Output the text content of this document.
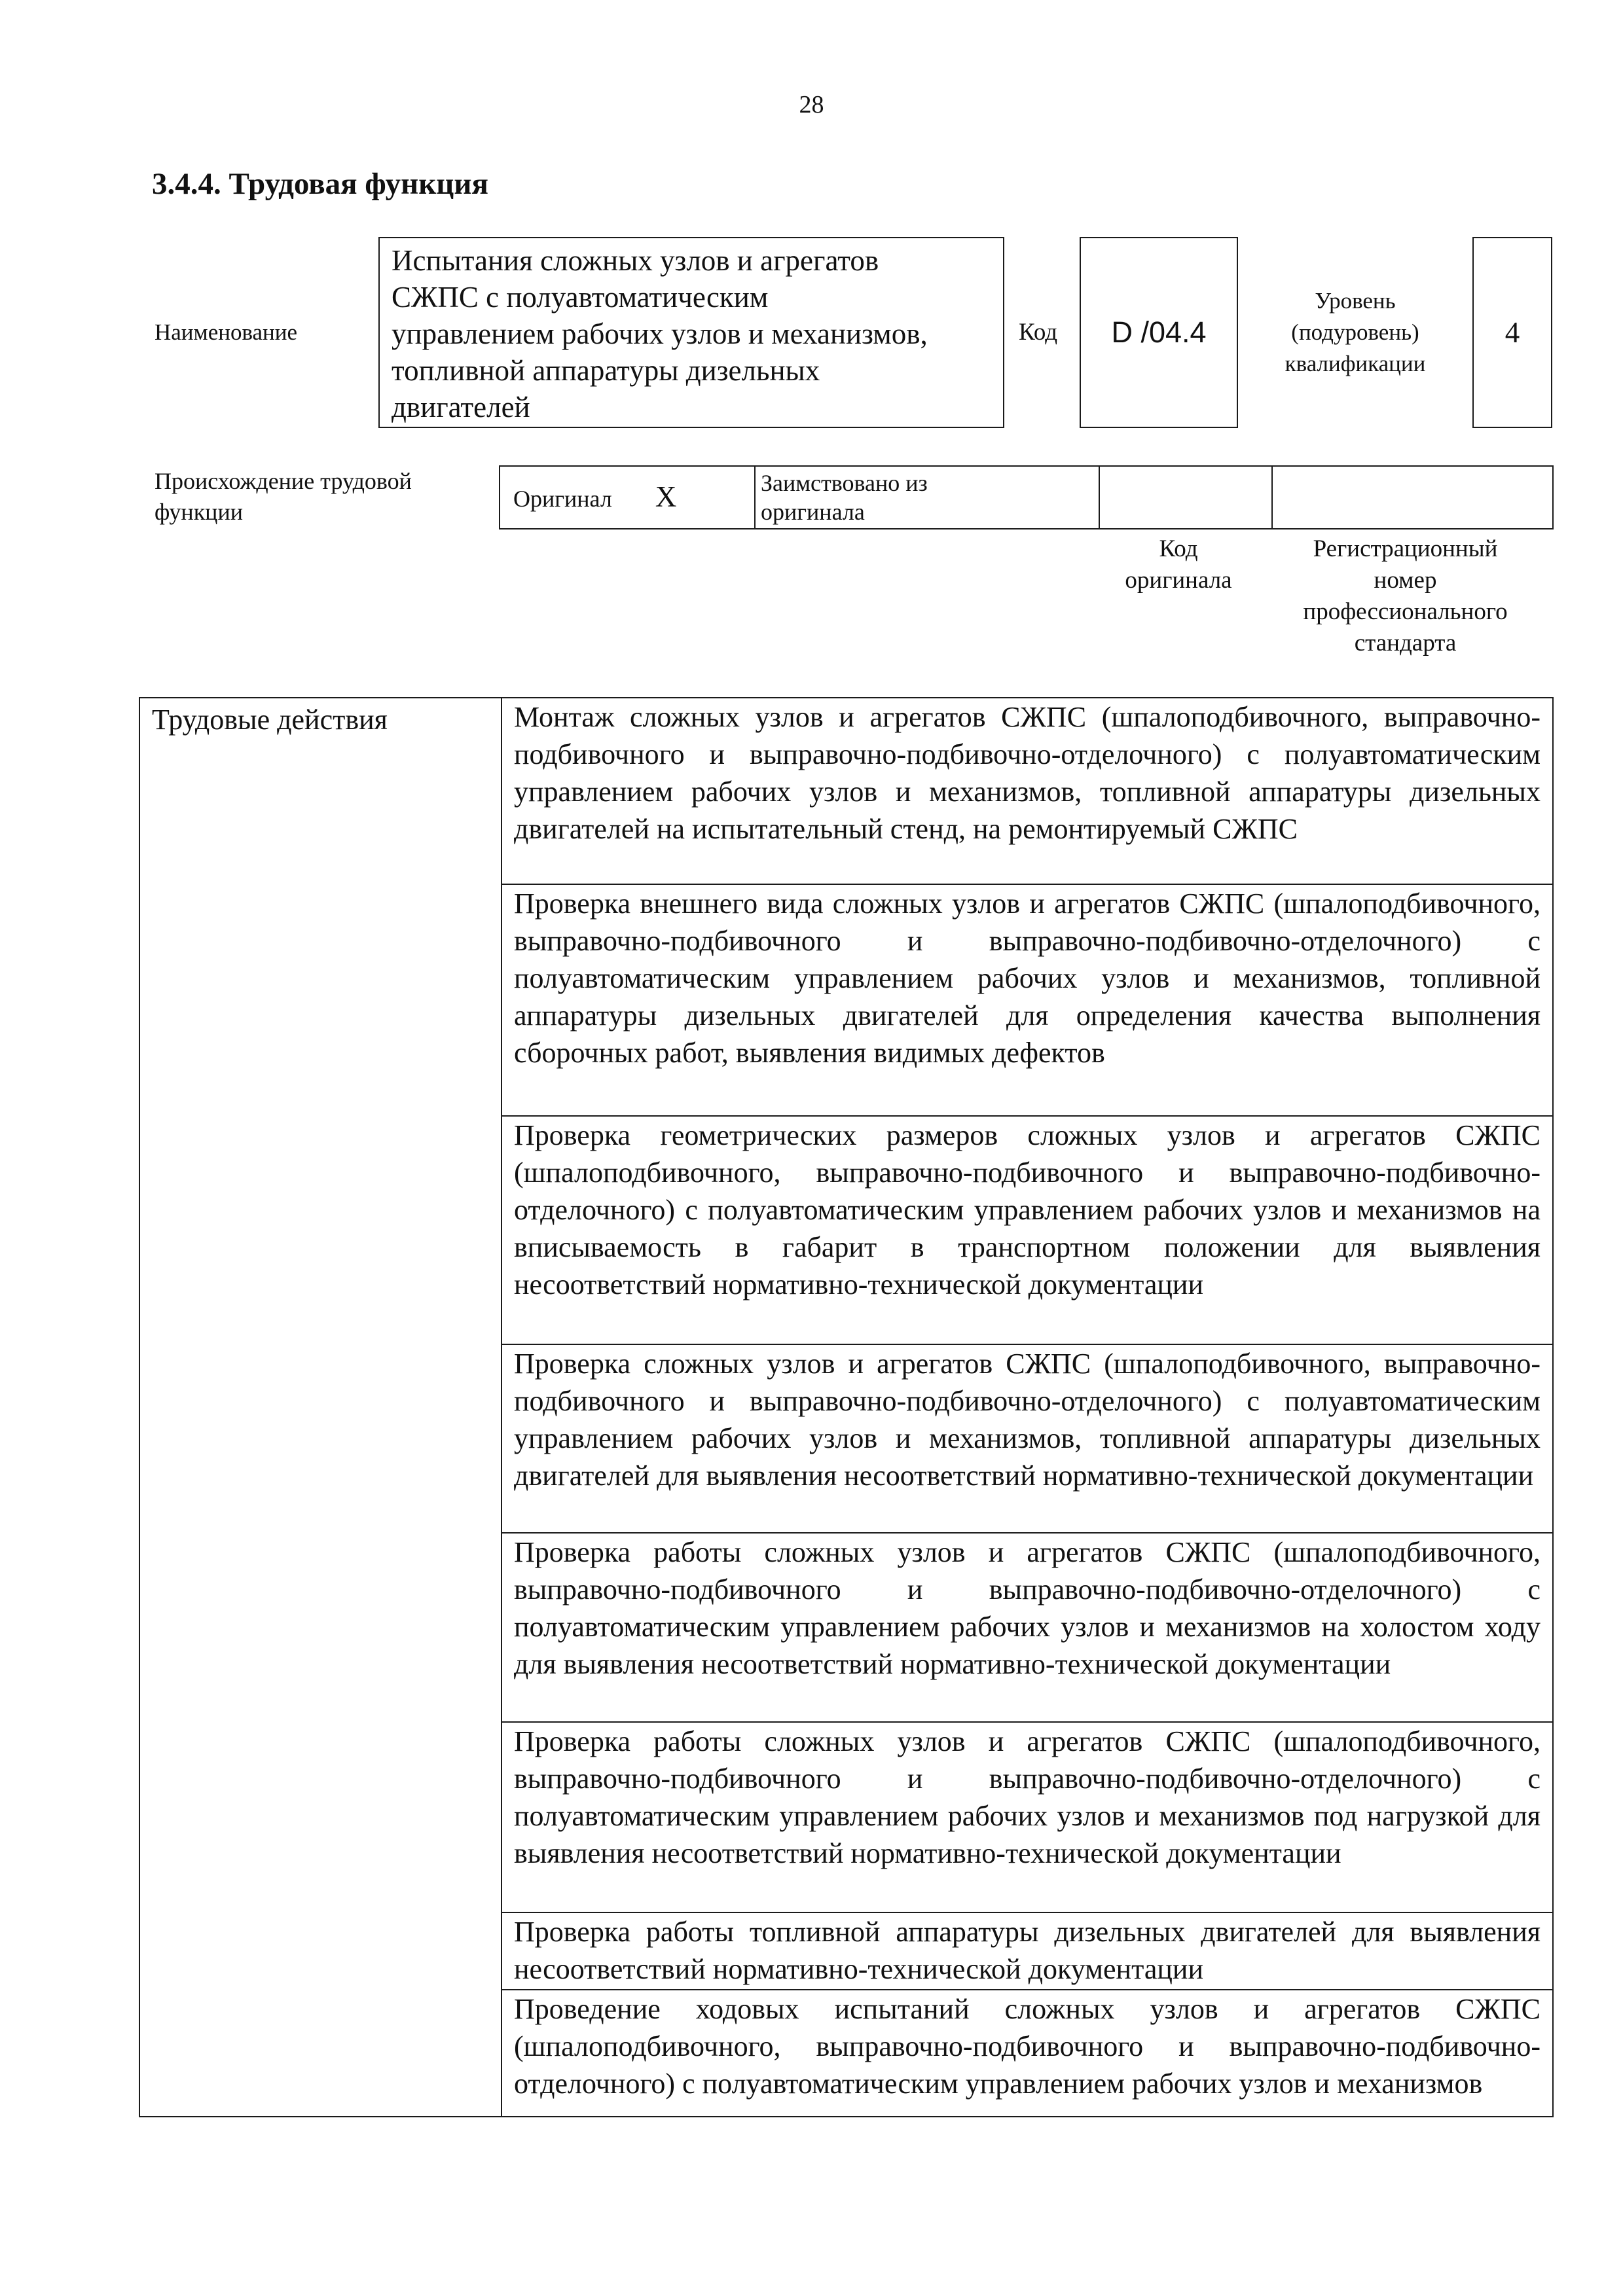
28
3.4.4. Трудовая функция
Наименование
Испытания сложных узлов и агрегатов
СЖПС с полуавтоматическим
управлением рабочих узлов и механизмов,
топливной аппаратуры дизельных
двигателей
Код D /04.4
Уровень
(подуровень)
квалификации
4
Происхождение трудовой
функции
Оригинал X	Заимствовано из
оригинала

Код
оригинала
Регистрационный
номер
профессионального
стандарта
Трудовые действия	Монтаж сложных узлов и агрегатов СЖПС (шпалоподбивочного, выправочно-подбивочного и выправочно-подбивочно-отделочного) с полуавтоматическим управлением рабочих узлов и механизмов, топливной аппаратуры дизельных двигателей на испытательный стенд, на ремонтируемый СЖПС
Проверка внешнего вида сложных узлов и агрегатов СЖПС (шпалоподбивочного, выправочно-подбивочного и выправочно-подбивочно-отделочного) с полуавтоматическим управлением рабочих узлов и механизмов, топливной аппаратуры дизельных двигателей для определения качества выполнения сборочных работ, выявления видимых дефектов
Проверка геометрических размеров сложных узлов и агрегатов СЖПС (шпалоподбивочного, выправочно-подбивочного и выправочно-подбивочно-отделочного) с полуавтоматическим управлением рабочих узлов и механизмов на вписываемость в габарит в транспортном положении для выявления несоответствий нормативно-технической документации
Проверка сложных узлов и агрегатов СЖПС (шпалоподбивочного, выправочно-подбивочного и выправочно-подбивочно-отделочного) с полуавтоматическим управлением рабочих узлов и механизмов, топливной аппаратуры дизельных двигателей для выявления несоответствий нормативно-технической документации
Проверка работы сложных узлов и агрегатов СЖПС (шпалоподбивочного, выправочно-подбивочного и выправочно-подбивочно-отделочного) с полуавтоматическим управлением рабочих узлов и механизмов на холостом ходу для выявления несоответствий нормативно-технической документации
Проверка работы сложных узлов и агрегатов СЖПС (шпалоподбивочного, выправочно-подбивочного и выправочно-подбивочно-отделочного) с полуавтоматическим управлением рабочих узлов и механизмов под нагрузкой для выявления несоответствий нормативно-технической документации
Проверка работы топливной аппаратуры дизельных двигателей для выявления несоответствий нормативно-технической документации
Проведение ходовых испытаний сложных узлов и агрегатов СЖПС (шпалоподбивочного, выправочно-подбивочного и выправочно-подбивочно-отделочного) с полуавтоматическим управлением рабочих узлов и механизмов
